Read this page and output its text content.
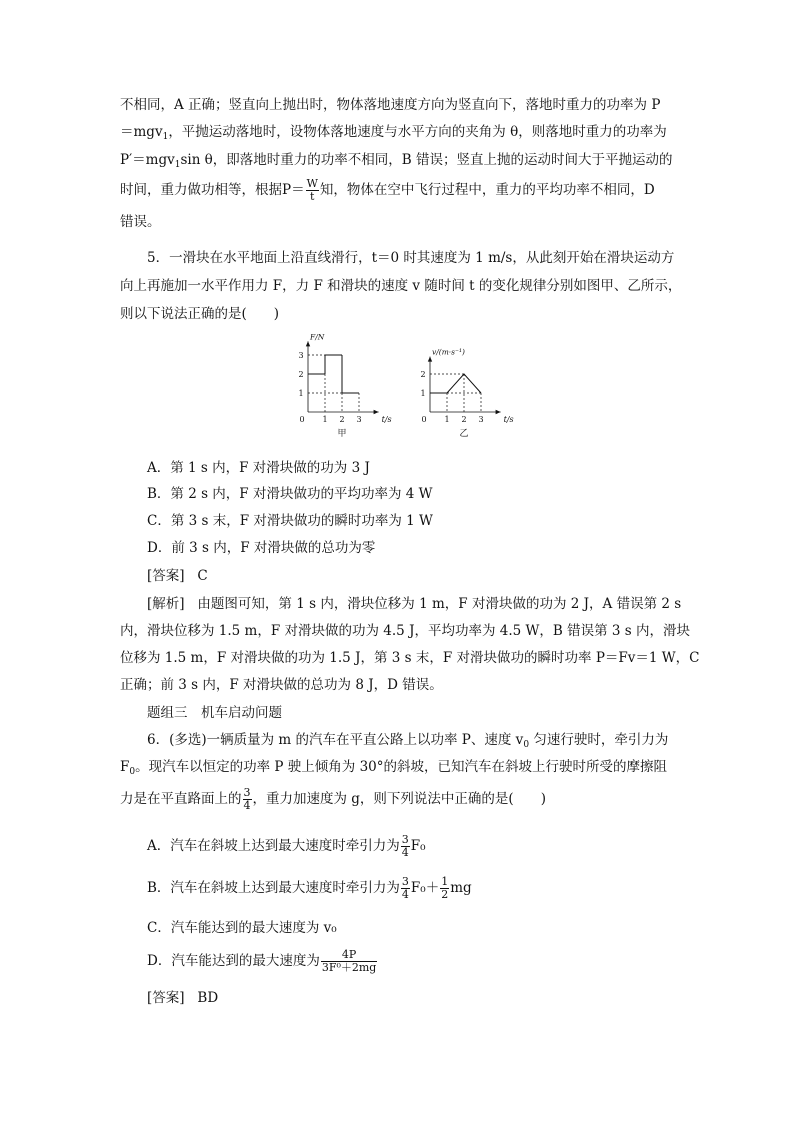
不相同，A 正确；竖直向上抛出时，物体落地速度方向为竖直向下，落地时重力的功率为 P
＝mgv$_1$，平抛运动落地时，设物体落地速度与水平方向的夹角为 θ，则落地时重力的功率为
P′＝mgv$_1$sin θ，即落地时重力的功率不相同，B 错误；竖直上抛的运动时间大于平抛运动的
时间，重力做功相等，根据$P= \frac{W}{t}$ 知，物体在空中飞行过程中，重力的平均功率不相同，D
错误。
5．一滑块在水平地面上沿直线滑行，t＝0 时其速度为 1 m/s，从此刻开始在滑块运动方
向上再施加一水平作用力 F，力 F 和滑块的速度 v 随时间 t 的变化规律分别如图甲、乙所示，
则以下说法正确的是(　　)
0	t/s
F/N
1 2 3
1
2
3
甲
0	t/s
v/(m·s⁻¹)
1 2 3
1
2
乙
A．第 1 s 内，F 对滑块做的功为 3 J
B．第 2 s 内，F 对滑块做功的平均功率为 4 W
C．第 3 s 末，F 对滑块做功的瞬时功率为 1 W
D．前 3 s 内，F 对滑块做的总功为零
[答案] C
[解析] 由题图可知，第 1 s 内，滑块位移为 1 m，F 对滑块做的功为 2 J，A 错误第 2 s
内，滑块位移为 1.5 m，F 对滑块做的功为 4.5 J，平均功率为 4.5 W，B 错误第 3 s 内，滑块
位移为 1.5 m，F 对滑块做的功为 1.5 J，第 3 s 末，F 对滑块做功的瞬时功率 P＝Fv＝1 W，C
正确；前 3 s 内，F 对滑块做的总功为 8 J，D 错误。
题组三　机车启动问题
6．(多选)一辆质量为 m 的汽车在平直公路上以功率 P、速度 $v_0$ 匀速行驶时，牵引力为
$F_0$。现汽车以恒定的功率 P 驶上倾角为 30°的斜坡，已知汽车在斜坡上行驶时所受的摩擦阻
力是在平直路面上的 $\frac{3}{4}$ ，重力加速度为 g，则下列说法中正确的是(　　)
A．汽车在斜坡上达到最大速度时牵引力为 $\frac{3}{4} F_0$
B．汽车在斜坡上达到最大速度时牵引力为 $\frac{3}{4} F_0+ \frac{1}{2}$ mg
C．汽车能达到的最大速度为 v₀
D．汽车能达到的最大速度为 $\frac{4P}{\text{3F⁰＋2mg}}$
[答案] BD
